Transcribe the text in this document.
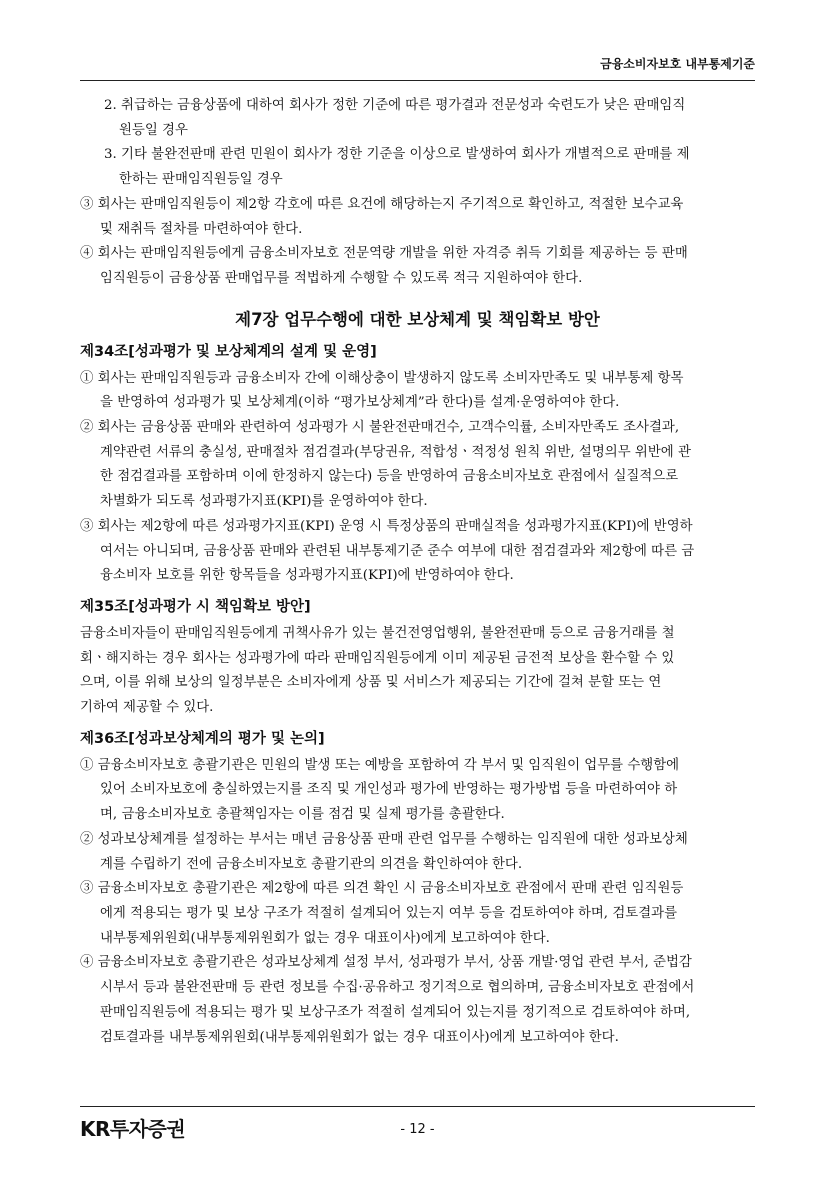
금융소비자보호 내부통제기준
2. 취급하는 금융상품에 대하여 회사가 정한 기준에 따른 평가결과 전문성과 숙련도가 낮은 판매임직
원등일 경우
3. 기타 불완전판매 관련 민원이 회사가 정한 기준을 이상으로 발생하여 회사가 개별적으로 판매를 제
한하는 판매임직원등일 경우
③ 회사는 판매임직원등이 제2항 각호에 따른 요건에 해당하는지 주기적으로 확인하고, 적절한 보수교육
및 재취득 절차를 마련하여야 한다.
④ 회사는 판매임직원등에게 금융소비자보호 전문역량 개발을 위한 자격증 취득 기회를 제공하는 등 판매
임직원등이 금융상품 판매업무를 적법하게 수행할 수 있도록 적극 지원하여야 한다.
제7장 업무수행에 대한 보상체계 및 책임확보 방안
제34조[성과평가 및 보상체계의 설계 및 운영]
① 회사는 판매임직원등과 금융소비자 간에 이해상충이 발생하지 않도록 소비자만족도 및 내부통제 항목
을 반영하여 성과평가 및 보상체계(이하 “평가보상체계”라 한다)를 설계·운영하여야 한다.
② 회사는 금융상품 판매와 관련하여 성과평가 시 불완전판매건수, 고객수익률, 소비자만족도 조사결과,
계약관련 서류의 충실성, 판매절차 점검결과(부당권유, 적합성ㆍ적정성 원칙 위반, 설명의무 위반에 관
한 점검결과를 포함하며 이에 한정하지 않는다) 등을 반영하여 금융소비자보호 관점에서 실질적으로
차별화가 되도록 성과평가지표(KPI)를 운영하여야 한다.
③ 회사는 제2항에 따른 성과평가지표(KPI) 운영 시 특정상품의 판매실적을 성과평가지표(KPI)에 반영하
여서는 아니되며, 금융상품 판매와 관련된 내부통제기준 준수 여부에 대한 점검결과와 제2항에 따른 금
융소비자 보호를 위한 항목들을 성과평가지표(KPI)에 반영하여야 한다.
제35조[성과평가 시 책임확보 방안]
금융소비자들이 판매임직원등에게 귀책사유가 있는 불건전영업행위, 불완전판매 등으로 금융거래를 철
회ㆍ해지하는 경우 회사는 성과평가에 따라 판매임직원등에게 이미 제공된 금전적 보상을 환수할 수 있
으며, 이를 위해 보상의 일정부분은 소비자에게 상품 및 서비스가 제공되는 기간에 걸쳐 분할 또는 연
기하여 제공할 수 있다.
제36조[성과보상체계의 평가 및 논의]
① 금융소비자보호 총괄기관은 민원의 발생 또는 예방을 포함하여 각 부서 및 임직원이 업무를 수행함에
있어 소비자보호에 충실하였는지를 조직 및 개인성과 평가에 반영하는 평가방법 등을 마련하여야 하
며, 금융소비자보호 총괄책임자는 이를 점검 및 실제 평가를 총괄한다.
② 성과보상체계를 설정하는 부서는 매년 금융상품 판매 관련 업무를 수행하는 임직원에 대한 성과보상체
계를 수립하기 전에 금융소비자보호 총괄기관의 의견을 확인하여야 한다.
③ 금융소비자보호 총괄기관은 제2항에 따른 의견 확인 시 금융소비자보호 관점에서 판매 관련 임직원등
에게 적용되는 평가 및 보상 구조가 적절히 설계되어 있는지 여부 등을 검토하여야 하며, 검토결과를
내부통제위원회(내부통제위원회가 없는 경우 대표이사)에게 보고하여야 한다.
④ 금융소비자보호 총괄기관은 성과보상체계 설정 부서, 성과평가 부서, 상품 개발·영업 관련 부서, 준법감
시부서 등과 불완전판매 등 관련 정보를 수집·공유하고 정기적으로 협의하며, 금융소비자보호 관점에서
판매임직원등에 적용되는 평가 및 보상구조가 적절히 설계되어 있는지를 정기적으로 검토하여야 하며,
검토결과를 내부통제위원회(내부통제위원회가 없는 경우 대표이사)에게 보고하여야 한다.
KR투자증권	- 12 -
